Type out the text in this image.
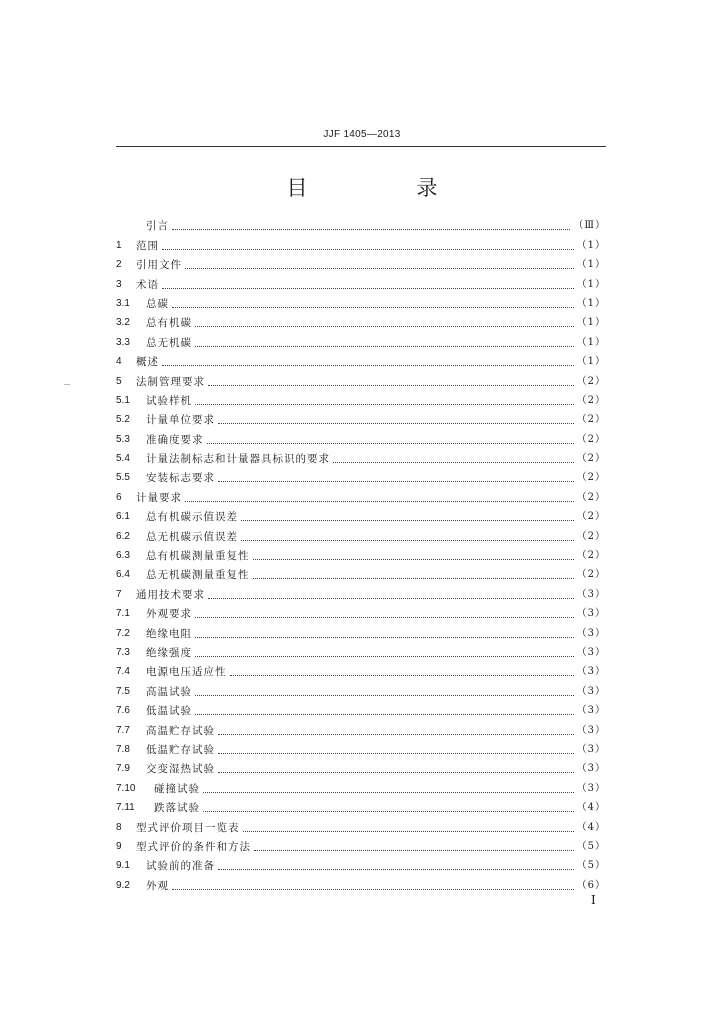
JJF 1405—2013
目　录
引言	（Ⅲ）
1	范围	（1）
2	引用文件	（1）
3	术语	（1）
3.1	总碳	（1）
3.2	总有机碳	（1）
3.3	总无机碳	（1）
4	概述	（1）
5	法制管理要求	（2）
5.1	试验样机	（2）
5.2	计量单位要求	（2）
5.3	准确度要求	（2）
5.4	计量法制标志和计量器具标识的要求	（2）
5.5	安装标志要求	（2）
6	计量要求	（2）
6.1	总有机碳示值误差	（2）
6.2	总无机碳示值误差	（2）
6.3	总有机碳测量重复性	（2）
6.4	总无机碳测量重复性	（2）
7	通用技术要求	（3）
7.1	外观要求	（3）
7.2	绝缘电阻	（3）
7.3	绝缘强度	（3）
7.4	电源电压适应性	（3）
7.5	高温试验	（3）
7.6	低温试验	（3）
7.7	高温贮存试验	（3）
7.8	低温贮存试验	（3）
7.9	交变湿热试验	（3）
7.10	碰撞试验	（3）
7.11	跌落试验	（4）
8	型式评价项目一览表	（4）
9	型式评价的条件和方法	（5）
9.1	试验前的准备	（5）
9.2	外观	（6）
I
